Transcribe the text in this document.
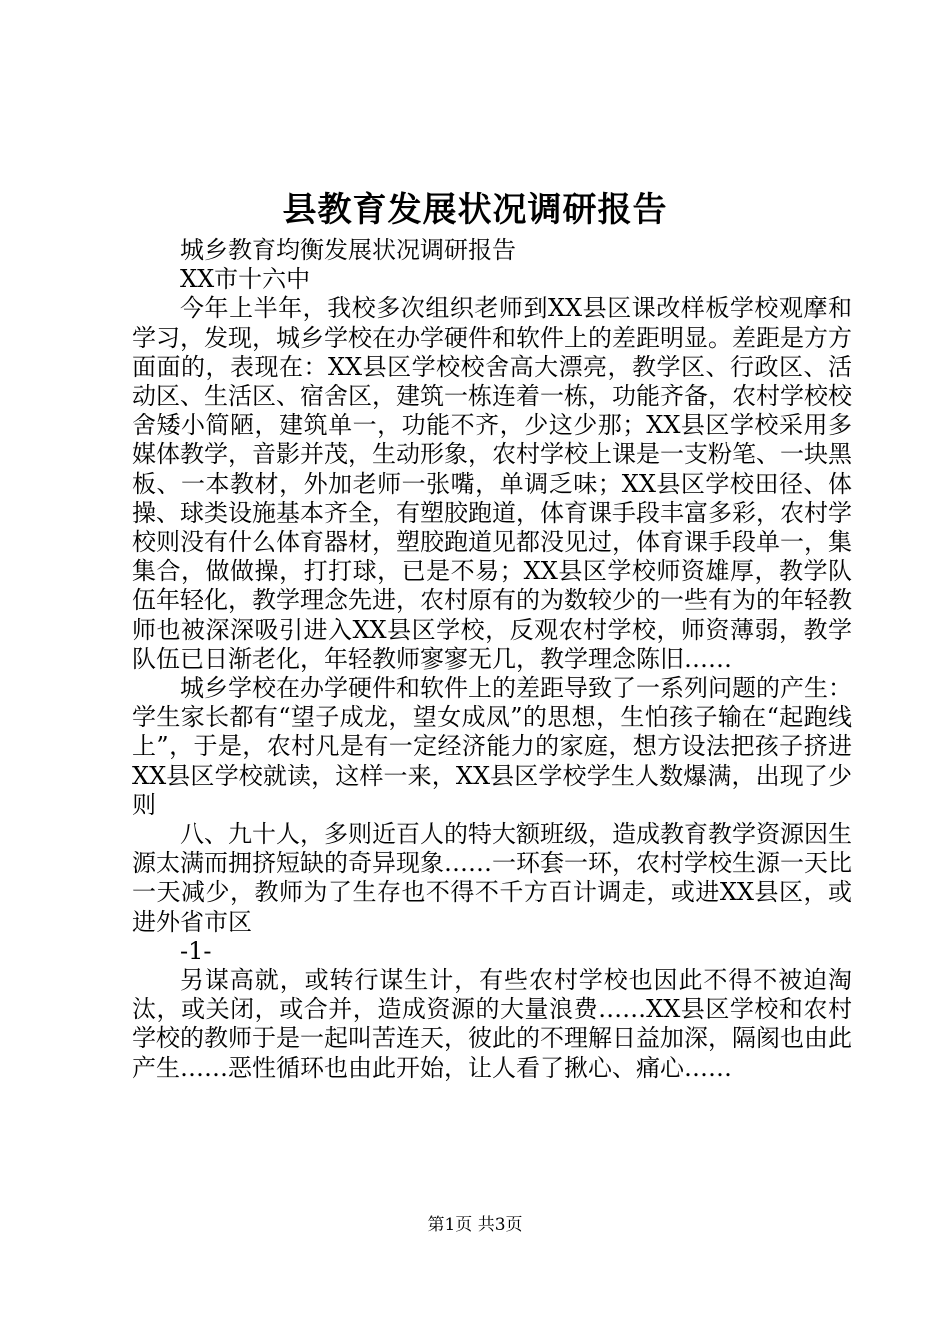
县教育发展状况调研报告

城乡教育均衡发展状况调研报告

XX市十六中

今年上半年，我校多次组织老师到XX县区课改样板学校观摩和学习，发现，城乡学校在办学硬件和软件上的差距明显。差距是方方面面的，表现在：XX县区学校校舍高大漂亮，教学区、行政区、活动区、生活区、宿舍区，建筑一栋连着一栋，功能齐备，农村学校校舍矮小简陋，建筑单一，功能不齐，少这少那；XX县区学校采用多媒体教学，音影并茂，生动形象，农村学校上课是一支粉笔、一块黑板、一本教材，外加老师一张嘴，单调乏味；XX县区学校田径、体操、球类设施基本齐全，有塑胶跑道，体育课手段丰富多彩，农村学校则没有什么体育器材，塑胶跑道见都没见过，体育课手段单一，集集合，做做操，打打球，已是不易；XX县区学校师资雄厚，教学队伍年轻化，教学理念先进，农村原有的为数较少的一些有为的年轻教师也被深深吸引进入XX县区学校，反观农村学校，师资薄弱，教学队伍已日渐老化，年轻教师寥寥无几，教学理念陈旧……

城乡学校在办学硬件和软件上的差距导致了一系列问题的产生：学生家长都有“望子成龙，望女成凤”的思想，生怕孩子输在“起跑线上”，于是，农村凡是有一定经济能力的家庭，想方设法把孩子挤进XX县区学校就读，这样一来，XX县区学校学生人数爆满，出现了少则

八、九十人，多则近百人的特大额班级，造成教育教学资源因生源太满而拥挤短缺的奇异现象……一环套一环，农村学校生源一天比一天减少，教师为了生存也不得不千方百计调走，或进XX县区，或进外省市区

-1-

另谋高就，或转行谋生计，有些农村学校也因此不得不被迫淘汰，或关闭，或合并，造成资源的大量浪费……XX县区学校和农村学校的教师于是一起叫苦连天，彼此的不理解日益加深，隔阂也由此产生……恶性循环也由此开始，让人看了揪心、痛心……

第1页 共3页
